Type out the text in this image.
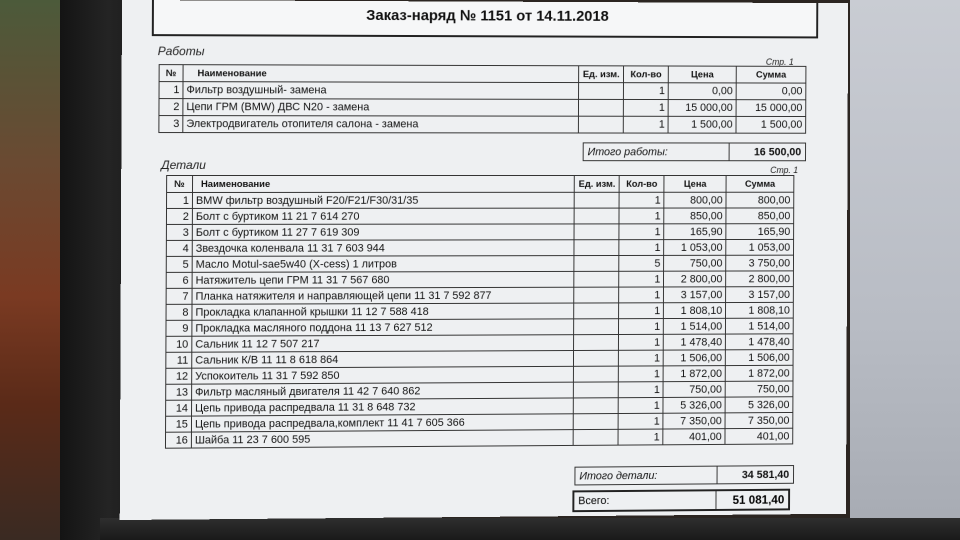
Заказ-наряд № 1151 от 14.11.2018
Работы
Стр. 1
№	Наименование	Ед. изм.	Кол-во	Цена	Сумма
1	Фильтр воздушный- замена		1	0,00	0,00
2	Цепи ГРМ (BMW) ДВС N20 - замена		1	15 000,00	15 000,00
3	Электродвигатель отопителя салона - замена		1	1 500,00	1 500,00
Итого работы:	16 500,00
Детали	Стр. 1
№	Наименование	Ед. изм.	Кол-во	Цена	Сумма
1	BMW фильтр воздушный F20/F21/F30/31/35		1	800,00	800,00
2	Болт с буртиком 11 21 7 614 270		1	850,00	850,00
3	Болт с буртиком 11 27 7 619 309		1	165,90	165,90
4	Звездочка коленвала 11 31 7 603 944		1	1 053,00	1 053,00
5	Масло Motul-sae5w40 (X-cess) 1 литров		5	750,00	3 750,00
6	Натяжитель цепи ГРМ 11 31 7 567 680		1	2 800,00	2 800,00
7	Планка натяжителя и направляющей цепи 11 31 7 592 877		1	3 157,00	3 157,00
8	Прокладка клапанной крышки 11 12 7 588 418		1	1 808,10	1 808,10
9	Прокладка масляного поддона 11 13 7 627 512		1	1 514,00	1 514,00
10	Сальник 11 12 7 507 217		1	1 478,40	1 478,40
11	Сальник К/В 11 11 8 618 864		1	1 506,00	1 506,00
12	Успокоитель 11 31 7 592 850		1	1 872,00	1 872,00
13	Фильтр масляный двигателя 11 42 7 640 862		1	750,00	750,00
14	Цепь привода распредвала 11 31 8 648 732		1	5 326,00	5 326,00
15	Цепь привода распредвала,комплект 11 41 7 605 366		1	7 350,00	7 350,00
16	Шайба 11 23 7 600 595		1	401,00	401,00
Итого детали:	34 581,40
Всего:	51 081,40
